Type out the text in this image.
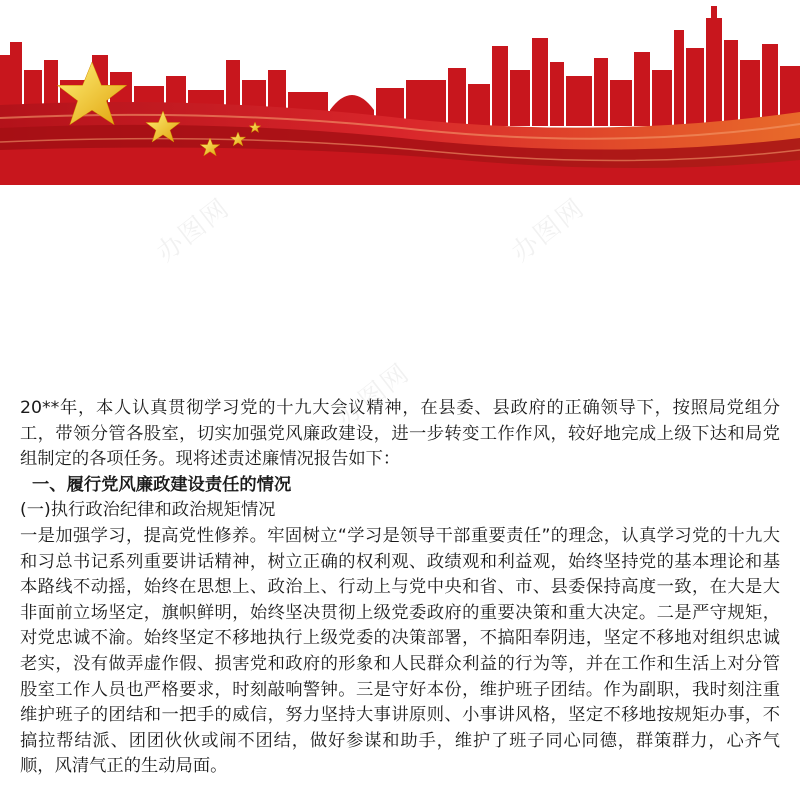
办图网	办图网
办图网

20**年，本人认真贯彻学习党的十九大会议精神，在县委、县政府的正确领导下，按照局党组分工，带领分管各股室，切实加强党风廉政建设，进一步转变工作作风，较好地完成上级下达和局党组制定的各项任务。现将述责述廉情况报告如下：

一、履行党风廉政建设责任的情况

(一)执行政治纪律和政治规矩情况

一是加强学习，提高党性修养。牢固树立“学习是领导干部重要责任”的理念，认真学习党的十九大和习总书记系列重要讲话精神，树立正确的权利观、政绩观和利益观，始终坚持党的基本理论和基本路线不动摇，始终在思想上、政治上、行动上与党中央和省、市、县委保持高度一致，在大是大非面前立场坚定，旗帜鲜明，始终坚决贯彻上级党委政府的重要决策和重大决定。二是严守规矩，对党忠诚不渝。始终坚定不移地执行上级党委的决策部署，不搞阳奉阴违，坚定不移地对组织忠诚老实，没有做弄虚作假、损害党和政府的形象和人民群众利益的行为等，并在工作和生活上对分管股室工作人员也严格要求，时刻敲响警钟。三是守好本份，维护班子团结。作为副职，我时刻注重维护班子的团结和一把手的威信，努力坚持大事讲原则、小事讲风格，坚定不移地按规矩办事，不搞拉帮结派、团团伙伙或闹不团结，做好参谋和助手，维护了班子同心同德，群策群力，心齐气顺，风清气正的生动局面。
